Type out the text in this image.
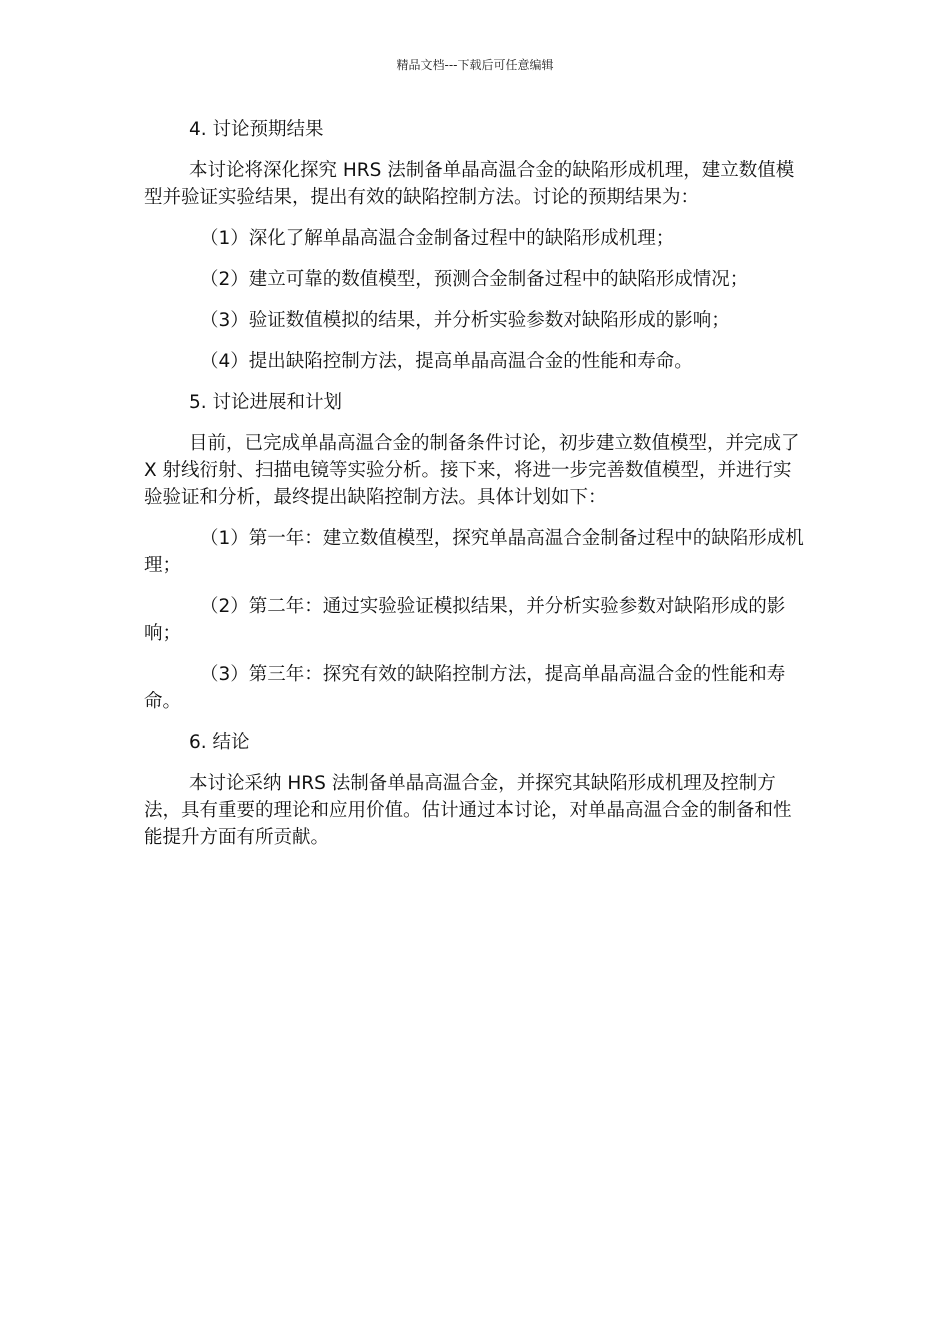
精品文档---下载后可任意编辑
4. 讨论预期结果
本讨论将深化探究 HRS 法制备单晶高温合金的缺陷形成机理，建立数值模型并验证实验结果，提出有效的缺陷控制方法。讨论的预期结果为：
（1）深化了解单晶高温合金制备过程中的缺陷形成机理；
（2）建立可靠的数值模型，预测合金制备过程中的缺陷形成情况；
（3）验证数值模拟的结果，并分析实验参数对缺陷形成的影响；
（4）提出缺陷控制方法，提高单晶高温合金的性能和寿命。
5. 讨论进展和计划
目前，已完成单晶高温合金的制备条件讨论，初步建立数值模型，并完成了 X 射线衍射、扫描电镜等实验分析。接下来，将进一步完善数值模型，并进行实验验证和分析，最终提出缺陷控制方法。具体计划如下：
（1）第一年：建立数值模型，探究单晶高温合金制备过程中的缺陷形成机理；
（2）第二年：通过实验验证模拟结果，并分析实验参数对缺陷形成的影响；
（3）第三年：探究有效的缺陷控制方法，提高单晶高温合金的性能和寿命。
6. 结论
本讨论采纳 HRS 法制备单晶高温合金，并探究其缺陷形成机理及控制方法，具有重要的理论和应用价值。估计通过本讨论，对单晶高温合金的制备和性能提升方面有所贡献。
